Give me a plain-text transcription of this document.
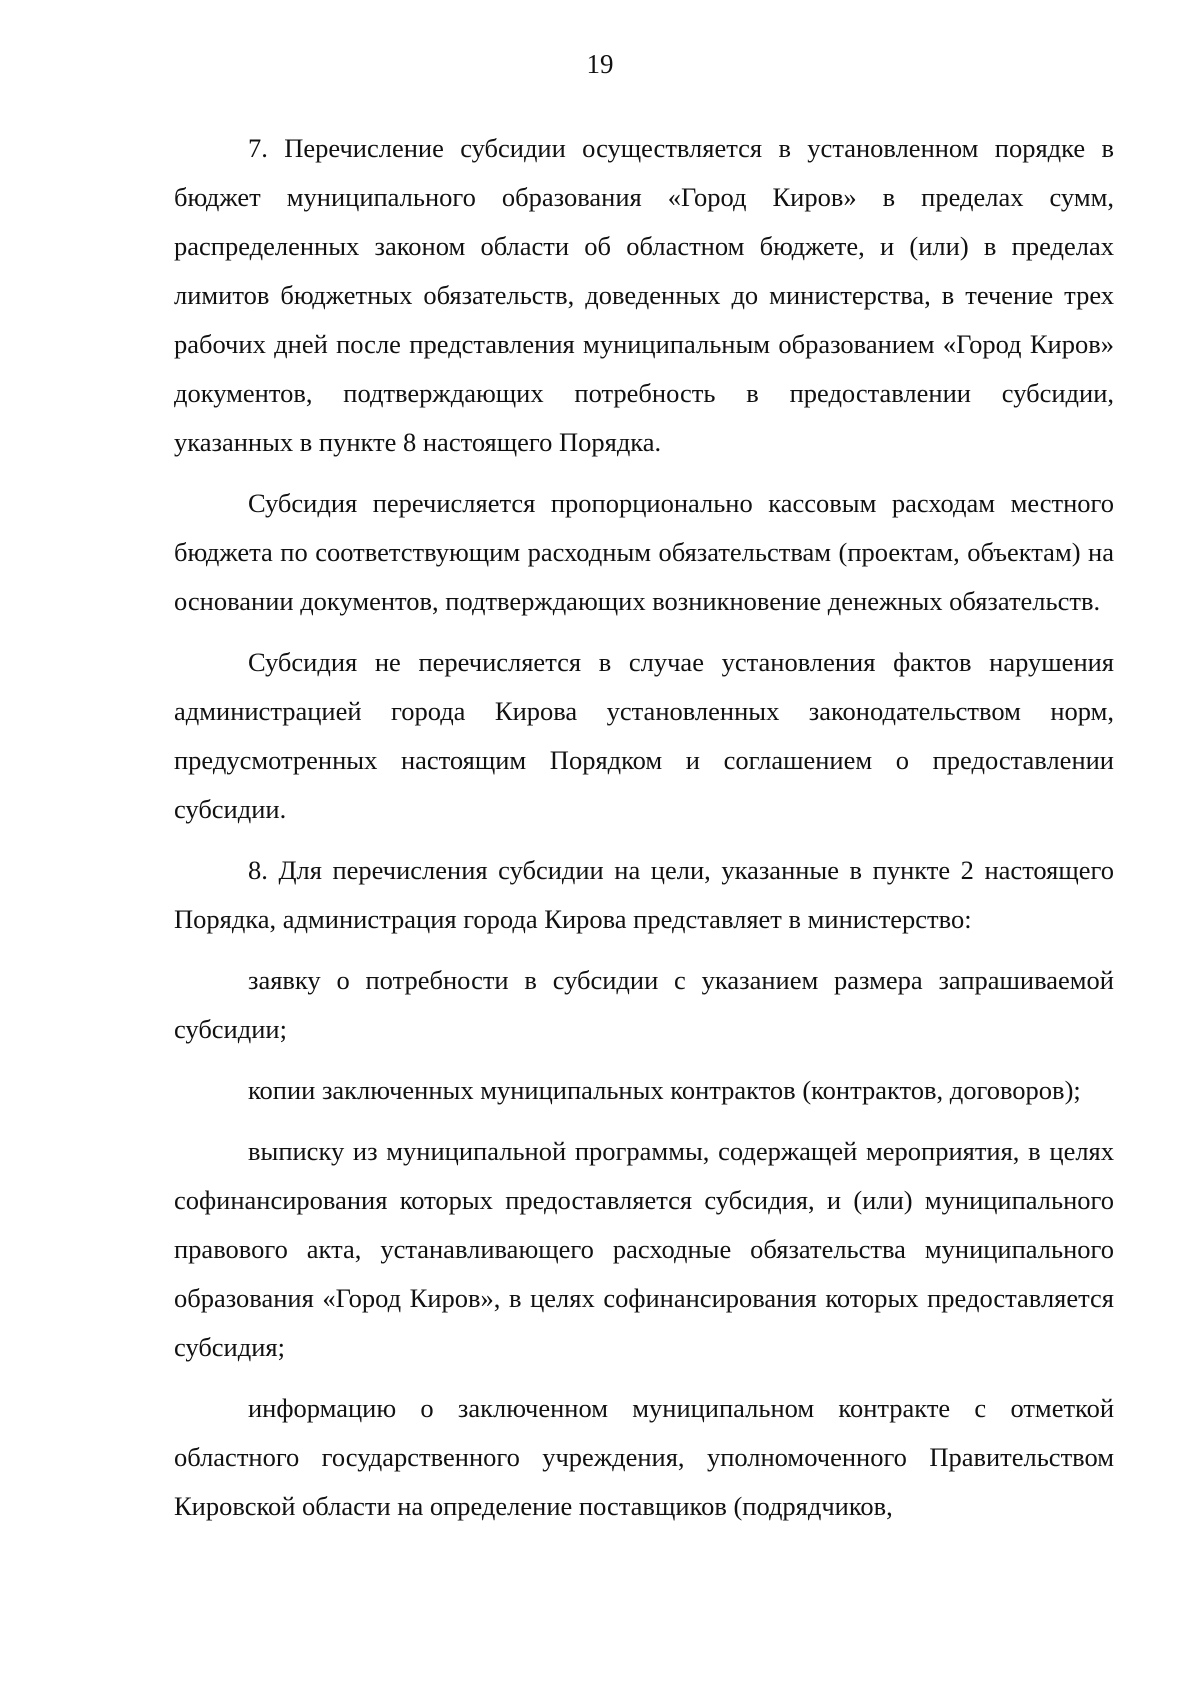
19

7. Перечисление субсидии осуществляется в установленном порядке в бюджет муниципального образования «Город Киров» в пределах сумм, распределенных законом области об областном бюджете, и (или) в пределах лимитов бюджетных обязательств, доведенных до министерства, в течение трех рабочих дней после представления муниципальным образованием «Город Киров» документов, подтверждающих потребность в предоставлении субсидии, указанных в пункте 8 настоящего Порядка.

Субсидия перечисляется пропорционально кассовым расходам местного бюджета по соответствующим расходным обязательствам (проектам, объектам) на основании документов, подтверждающих возникновение денежных обязательств.

Субсидия не перечисляется в случае установления фактов нарушения администрацией города Кирова установленных законодательством норм, предусмотренных настоящим Порядком и соглашением о предоставлении субсидии.

8. Для перечисления субсидии на цели, указанные в пункте 2 настоящего Порядка, администрация города Кирова представляет в министерство:

заявку о потребности в субсидии с указанием размера запрашиваемой субсидии;

копии заключенных муниципальных контрактов (контрактов, договоров);

выписку из муниципальной программы, содержащей мероприятия, в целях софинансирования которых предоставляется субсидия, и (или) муниципального правового акта, устанавливающего расходные обязательства муниципального образования «Город Киров», в целях софинансирования которых предоставляется субсидия;

информацию о заключенном муниципальном контракте с отметкой областного государственного учреждения, уполномоченного Правительством Кировской области на определение поставщиков (подрядчиков,
